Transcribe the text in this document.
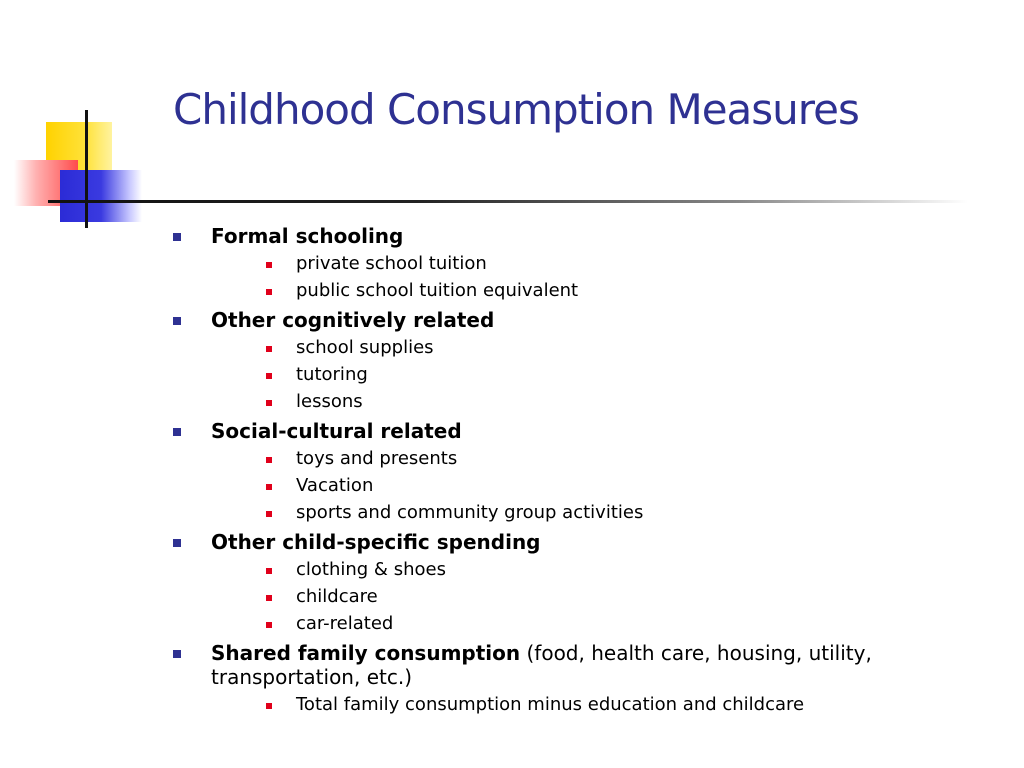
Childhood Consumption Measures
Formal schooling
private school tuition
public school tuition equivalent
Other cognitively related
school supplies
tutoring
lessons
Social-cultural related
toys and presents
Vacation
sports and community group activities
Other child-specific spending
clothing & shoes
childcare
car-related
Shared family consumption (food, health care, housing, utility, transportation, etc.)
Total family consumption minus education and childcare
